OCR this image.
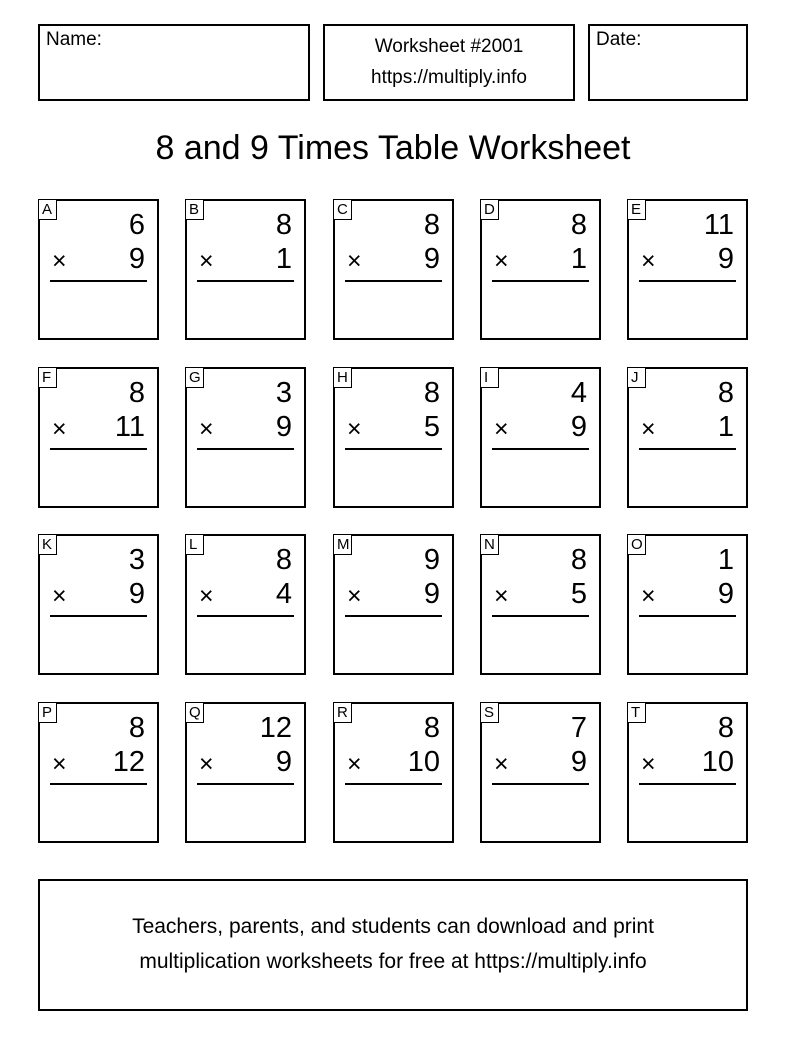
Name:	Worksheet #2001
https://multiply.info
Date:
8 and 9 Times Table Worksheet
A	6
× 9
B	8
× 1
C	8
× 9
D	8
× 1
E 11
× 9
F	8
× 11
G	3
× 9
H	8
× 5
I	4
× 9
J	8
× 1
K	3
× 9
L	8
× 4
M	9
× 9
N	8
× 5
O	1
× 9
P	8
× 12
Q 12
× 9
R	8
× 10
S	7
× 9
T	8
× 10
Teachers, parents, and students can download and print
multiplication worksheets for free at https://multiply.info
